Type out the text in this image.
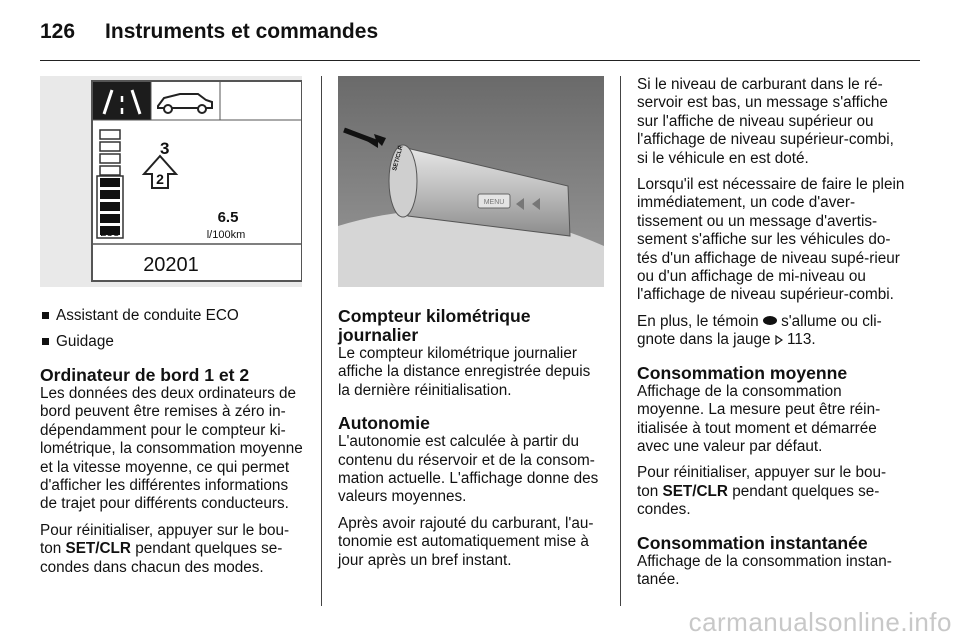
126 Instruments et commandes
ECO
3
2
6.5
l/100km
20201
Assistant de conduite ECO
Guidage
Ordinateur de bord 1 et 2

Les données des deux ordinateurs de bord peuvent être remises à zéro in-dépendamment pour le compteur ki-lométrique, la consommation moyenne et la vitesse moyenne, ce qui permet d'afficher les différentes informations de trajet pour différents conducteurs.

Pour réinitialiser, appuyer sur le bou-ton SET/CLR pendant quelques se-condes dans chacun des modes.

SET/CLR
MENU
Compteur kilométrique journalier

Le compteur kilométrique journalier affiche la distance enregistrée depuis la dernière réinitialisation.

Autonomie

L'autonomie est calculée à partir du contenu du réservoir et de la consom-mation actuelle. L'affichage donne des valeurs moyennes.

Après avoir rajouté du carburant, l'au-tonomie est automatiquement mise à jour après un bref instant.

Si le niveau de carburant dans le ré-servoir est bas, un message s'affiche sur l'affiche de niveau supérieur ou l'affichage de niveau supérieur-combi, si le véhicule en est doté.

Lorsqu'il est nécessaire de faire le plein immédiatement, un code d'aver-tissement ou un message d'avertis-sement s'affiche sur les véhicules do-tés d'un affichage de niveau supé-rieur ou d'un affichage de mi-niveau ou l'affichage de niveau supérieur-combi.

En plus, le témoin  s'allume ou cli-gnote dans la jauge  113.

Consommation moyenne

Affichage de la consommation moyenne. La mesure peut être réin-itialisée à tout moment et démarrée avec une valeur par défaut.

Pour réinitialiser, appuyer sur le bou-ton SET/CLR pendant quelques se-condes.

Consommation instantanée

Affichage de la consommation instan-tanée.

carmanualsonline.info
